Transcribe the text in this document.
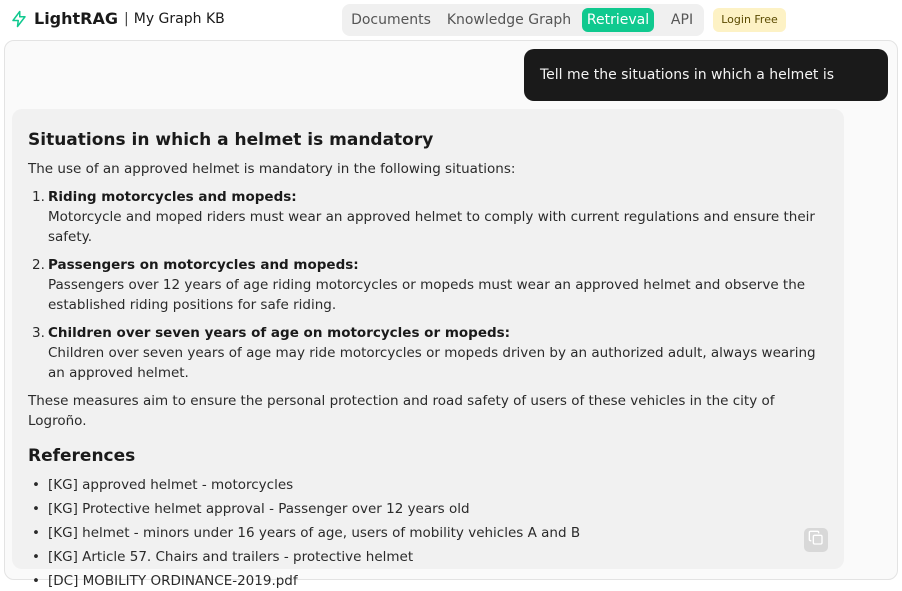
LightRAG | My Graph KB	Documents Knowledge Graph	Retrieval	API	Login Free
Tell me the situations in which a helmet is
Situations in which a helmet is mandatory

The use of an approved helmet is mandatory in the following situations:

1. Riding motorcycles and mopeds:
Motorcycle and moped riders must wear an approved helmet to comply with current regulations and ensure their safety.
2. Passengers on motorcycles and mopeds:
Passengers over 12 years of age riding motorcycles or mopeds must wear an approved helmet and observe the established riding positions for safe riding.
3. Children over seven years of age on motorcycles or mopeds:
Children over seven years of age may ride motorcycles or mopeds driven by an authorized adult, always wearing an approved helmet.

These measures aim to ensure the personal protection and road safety of users of these vehicles in the city of Logroño.

References
• [KG] approved helmet - motorcycles
• [KG] Protective helmet approval - Passenger over 12 years old
• [KG] helmet - minors under 16 years of age, users of mobility vehicles A and B
• [KG] Article 57. Chairs and trailers - protective helmet
• [DC] MOBILITY ORDINANCE-2019.pdf
